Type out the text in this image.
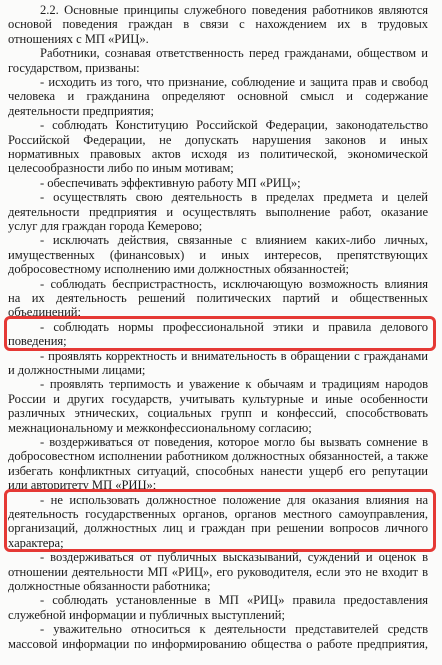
2.2. Основные принципы служебного поведения работников являются
основой поведения граждан в связи с нахождением их в трудовых
отношениях с МП «РИЦ».
Работники, сознавая ответственность перед гражданами, обществом и
государством, призваны:
- исходить из того, что признание, соблюдение и защита прав и свобод
человека и гражданина определяют основной смысл и содержание
деятельности предприятия;
- соблюдать Конституцию Российской Федерации, законодательство
Российской Федерации, не допускать нарушения законов и иных
нормативных правовых актов исходя из политической, экономической
целесообразности либо по иным мотивам;
- обеспечивать эффективную работу МП «РИЦ»;
- осуществлять свою деятельность в пределах предмета и целей
деятельности предприятия и осуществлять выполнение работ, оказание
услуг для граждан города Кемерово;
- исключать действия, связанные с влиянием каких-либо личных,
имущественных (финансовых) и иных интересов, препятствующих
добросовестному исполнению ими должностных обязанностей;
- соблюдать беспристрастность, исключающую возможность влияния
на их деятельность решений политических партий и общественных
объединений;
- соблюдать нормы профессиональной этики и правила делового
поведения;
- проявлять корректность и внимательность в обращении с гражданами
и должностными лицами;
- проявлять терпимость и уважение к обычаям и традициям народов
России и других государств, учитывать культурные и иные особенности
различных этнических, социальных групп и конфессий, способствовать
межнациональному и межконфессиональному согласию;
- воздерживаться от поведения, которое могло бы вызвать сомнение в
добросовестном исполнении работником должностных обязанностей, а также
избегать конфликтных ситуаций, способных нанести ущерб его репутации
или авторитету МП «РИЦ»;
- не использовать должностное положение для оказания влияния на
деятельность государственных органов, органов местного самоуправления,
организаций, должностных лиц и граждан при решении вопросов личного
характера;
- воздерживаться от публичных высказываний, суждений и оценок в
отношении деятельности МП «РИЦ», его руководителя, если это не входит в
должностные обязанности работника;
- соблюдать установленные в МП «РИЦ» правила предоставления
служебной информации и публичных выступлений;
- уважительно относиться к деятельности представителей средств
массовой информации по информированию общества о работе предприятия,
